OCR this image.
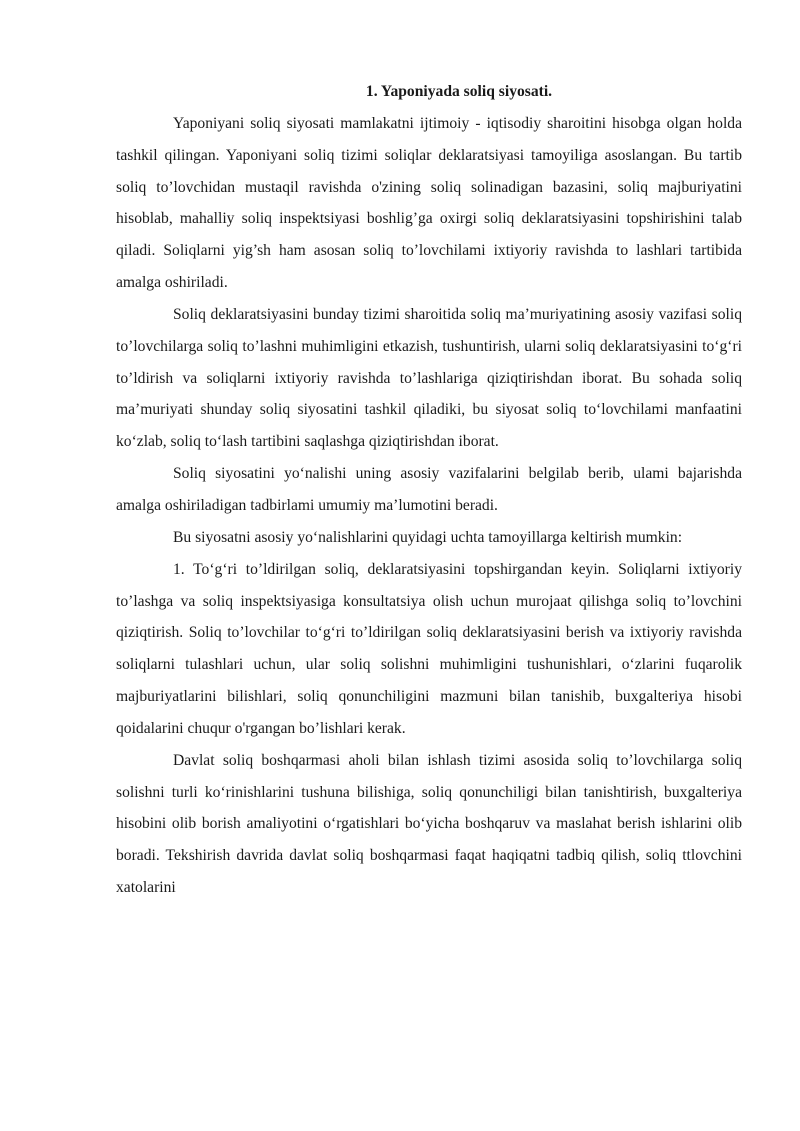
1. Yaponiyada soliq siyosati.

Yaponiyani soliq siyosati mamlakatni ijtimoiy - iqtisodiy sharoitini hisobga olgan holda tashkil qilingan. Yaponiyani soliq tizimi soliqlar deklaratsiyasi tamoyiliga asoslangan. Bu tartib soliq to’lovchidan mustaqil ravishda o'zining soliq solinadigan bazasini, soliq majburiyatini hisoblab, mahalliy soliq inspektsiyasi boshlig’ga oxirgi soliq deklaratsiyasini topshirishini talab qiladi. Soliqlarni yig’sh ham asosan soliq to’lovchilami ixtiyoriy ravishda to lashlari tartibida amalga oshiriladi.

Soliq deklaratsiyasini bunday tizimi sharoitida soliq ma’muriyatining asosiy vazifasi soliq to’lovchilarga soliq to’lashni muhimligini etkazish, tushuntirish, ularni soliq deklaratsiyasini to‘g‘ri to’ldirish va soliqlarni ixtiyoriy ravishda to’lashlariga qiziqtirishdan iborat. Bu sohada soliq ma’muriyati shunday soliq siyosatini tashkil qiladiki, bu siyosat soliq to‘lovchilami manfaatini ko‘zlab, soliq to‘lash tartibini saqlashga qiziqtirishdan iborat.

Soliq siyosatini yo‘nalishi uning asosiy vazifalarini belgilab berib, ulami bajarishda amalga oshiriladigan tadbirlami umumiy ma’lumotini beradi.

Bu siyosatni asosiy yo‘nalishlarini quyidagi uchta tamoyillarga keltirish mumkin:

1. To‘g‘ri to’ldirilgan soliq, deklaratsiyasini topshirgandan keyin. Soliqlarni ixtiyoriy to’lashga va soliq inspektsiyasiga konsultatsiya olish uchun murojaat qilishga soliq to’lovchini qiziqtirish. Soliq to’lovchilar to‘g‘ri to’ldirilgan soliq deklaratsiyasini berish va ixtiyoriy ravishda soliqlarni tulashlari uchun, ular soliq solishni muhimligini tushunishlari, o‘zlarini fuqarolik majburiyatlarini bilishlari, soliq qonunchiligini mazmuni bilan tanishib, buxgalteriya hisobi qoidalarini chuqur o'rgangan bo’lishlari kerak.

Davlat soliq boshqarmasi aholi bilan ishlash tizimi asosida soliq to’lovchilarga soliq solishni turli ko‘rinishlarini tushuna bilishiga, soliq qonunchiligi bilan tanishtirish, buxgalteriya hisobini olib borish amaliyotini o‘rgatishlari bo‘yicha boshqaruv va maslahat berish ishlarini olib boradi. Tekshirish davrida davlat soliq boshqarmasi faqat haqiqatni tadbiq qilish, soliq ttlovchini xatolarini
